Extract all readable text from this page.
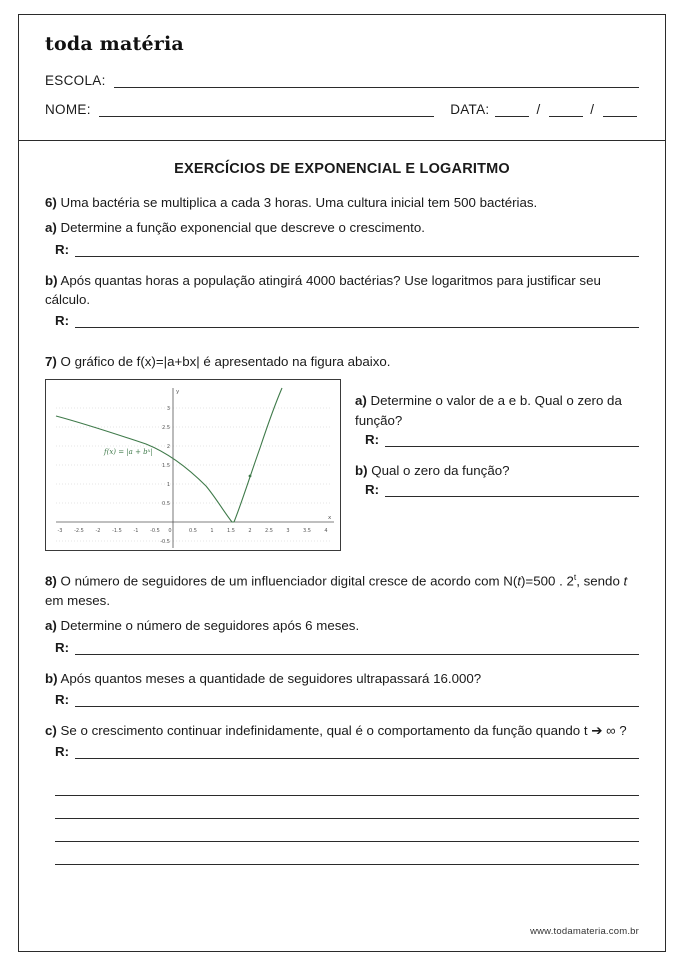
toda matéria
ESCOLA:
NOME:	DATA:	/	/
EXERCÍCIOS DE EXPONENCIAL E LOGARITMO
6) Uma bactéria se multiplica a cada 3 horas. Uma cultura inicial tem 500 bactérias.
a) Determine a função exponencial que descreve o crescimento.
R:
b) Após quantas horas a população atingirá 4000 bactérias? Use logaritmos para justificar seu cálculo.
R:
7) O gráfico de f(x)=|a+bx| é apresentado na figura abaixo.
-3 -2.5 -2 -1.5 -1 -0.5 0	0.5	1	1.5	2	2.5	3	3.5	4
3
2.5
2
1.5
1
0.5
-0.5
y
x
$f(x) = |a + b^x|$
a) Determine o valor de a e b. Qual o zero da função?
R:
b) Qual o zero da função?
R:
8) O número de seguidores de um influenciador digital cresce de acordo com N(t)=500 . 2$^t$, sendo t em meses.
a) Determine o número de seguidores após 6 meses.
R:
b) Após quantos meses a quantidade de seguidores ultrapassará 16.000?
R:
c) Se o crescimento continuar indefinidamente, qual é o comportamento da função quando t ➔ ∞ ?
R:
www.todamateria.com.br
